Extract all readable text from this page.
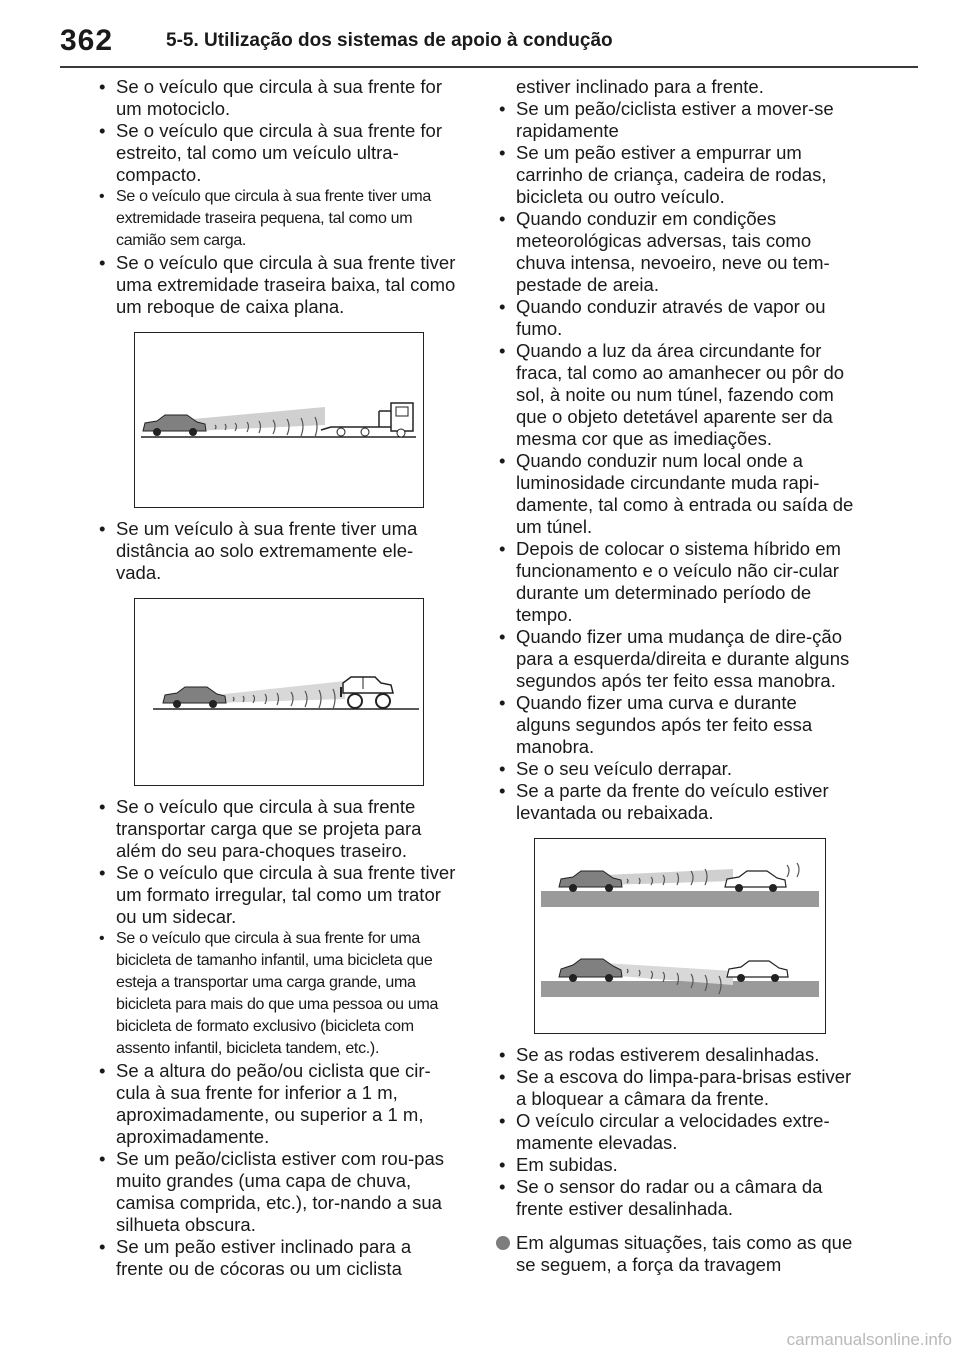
362	5-5. Utilização dos sistemas de apoio à condução
• Se o veículo que circula à sua frente for um motociclo.
• Se o veículo que circula à sua frente for estreito, tal como um veículo ultra-compacto.
• Se o veículo que circula à sua frente tiver uma extremidade traseira pequena, tal como um camião sem carga.
• Se o veículo que circula à sua frente tiver uma extremidade traseira baixa, tal como um reboque de caixa plana.
• Se um veículo à sua frente tiver uma distância ao solo extremamente ele-vada.
• Se o veículo que circula à sua frente transportar carga que se projeta para além do seu para-choques traseiro.
• Se o veículo que circula à sua frente tiver um formato irregular, tal como um trator ou um sidecar.
• Se o veículo que circula à sua frente for uma bicicleta de tamanho infantil, uma bicicleta que esteja a transportar uma carga grande, uma bicicleta para mais do que uma pessoa ou uma bicicleta de formato exclusivo (bicicleta com assento infantil, bicicleta tandem, etc.).
• Se a altura do peão/ou ciclista que cir-cula à sua frente for inferior a 1 m, aproximadamente, ou superior a 1 m, aproximadamente.
• Se um peão/ciclista estiver com rou-pas muito grandes (uma capa de chuva, camisa comprida, etc.), tor-nando a sua silhueta obscura.
• Se um peão estiver inclinado para a frente ou de cócoras ou um ciclista
estiver inclinado para a frente.
• Se um peão/ciclista estiver a mover-se rapidamente
• Se um peão estiver a empurrar um carrinho de criança, cadeira de rodas, bicicleta ou outro veículo.
• Quando conduzir em condições meteorológicas adversas, tais como chuva intensa, nevoeiro, neve ou tem-pestade de areia.
• Quando conduzir através de vapor ou fumo.
• Quando a luz da área circundante for fraca, tal como ao amanhecer ou pôr do sol, à noite ou num túnel, fazendo com que o objeto detetável aparente ser da mesma cor que as imediações.
• Quando conduzir num local onde a luminosidade circundante muda rapi-damente, tal como à entrada ou saída de um túnel.
• Depois de colocar o sistema híbrido em funcionamento e o veículo não cir-cular durante um determinado período de tempo.
• Quando fizer uma mudança de dire-ção para a esquerda/direita e durante alguns segundos após ter feito essa manobra.
• Quando fizer uma curva e durante alguns segundos após ter feito essa manobra.
• Se o seu veículo derrapar.
• Se a parte da frente do veículo estiver levantada ou rebaixada.
• Se as rodas estiverem desalinhadas.
• Se a escova do limpa-para-brisas estiver a bloquear a câmara da frente.
• O veículo circular a velocidades extre-mamente elevadas.
• Em subidas.
• Se o sensor do radar ou a câmara da frente estiver desalinhada.
Em algumas situações, tais como as que se seguem, a força da travagem
carmanualsonline.info
